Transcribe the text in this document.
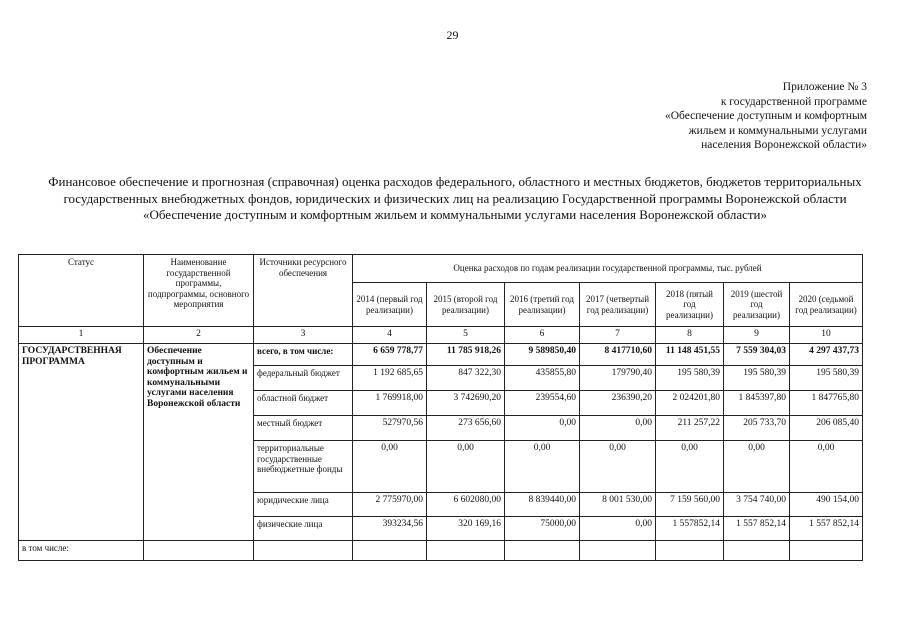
29
Приложение № 3
к государственной программе
«Обеспечение доступным и комфортным
жильем и коммунальными услугами
населения Воронежской области»
Финансовое обеспечение и прогнозная (справочная) оценка расходов федерального, областного и местных бюджетов, бюджетов территориальных
государственных внебюджетных фондов, юридических и физических лиц на реализацию Государственной программы Воронежской области
«Обеспечение доступным и комфортным жильем и коммунальными услугами населения Воронежской области»
Статус	Наименование государственной программы, подпрограммы, основного мероприятия	Источники ресурсного обеспечения	Оценка расходов по годам реализации государственной программы, тыс. рублей						
			2014 (первый год реализации)	2015 (второй год реализации)	2016 (третий год реализации)	2017 (четвертый год реализации)	2018 (пятый год реализации)	2019 (шестой год реализации)	2020 (седьмой год реализации)
1	2	3	4	5	6	7	8	9	10
ГОСУДАРСТВЕННАЯ ПРОГРАММА	Обеспечение доступным и комфортным жильем и коммунальными услугами населения Воронежской области	всего, в том числе:	6 659 778,77	11 785 918,26	9 589850,40	8 417710,60	11 148 451,55	7 559 304,03	4 297 437,73
		федеральный бюджет	1 192 685,65	847 322,30	435855,80	179790,40	195 580,39	195 580,39	195 580,39
		областной бюджет	1 769918,00	3 742690,20	239554,60	236390,20	2 024201,80	1 845397,80	1 847765,80
		местный бюджет	527970,56	273 656,60	0,00	0,00	211 257,22	205 733,70	206 085,40
		территориальные государственные внебюджетные фонды	0,00	0,00	0,00	0,00	0,00	0,00	0,00
		юридические лица	2 775970,00	6 602080,00	8 839440,00	8 001 530,00	7 159 560,00	3 754 740,00	490 154,00
		физические лица	393234,56	320 169,16	75000,00	0,00	1 557852,14	1 557 852,14	1 557 852,14
в том числе:									
